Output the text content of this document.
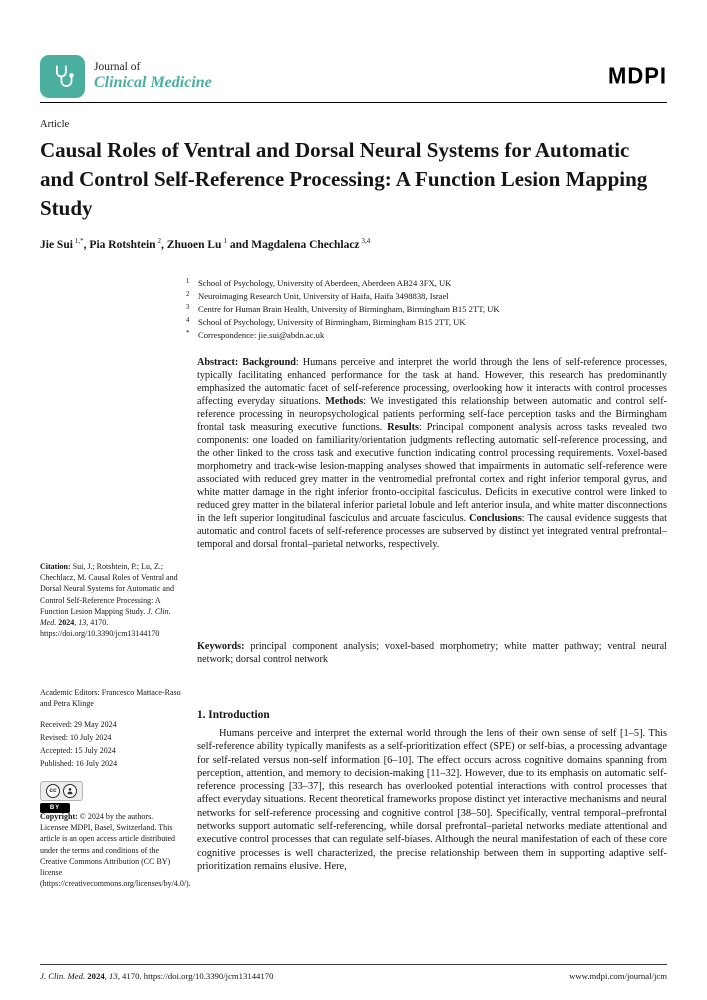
Journal of
Clinical Medicine	MDPI
Article
Causal Roles of Ventral and Dorsal Neural Systems for Automatic and Control Self-Reference Processing: A Function Lesion Mapping Study

Jie Sui $^{1,*}$, Pia Rotshtein $^2$, Zhuoen Lu $^1$ and Magdalena Chechlacz $^{3,4}$

1 School of Psychology, University of Aberdeen, Aberdeen AB24 3FX, UK
2 Neuroimaging Research Unit, University of Haifa, Haifa 3498838, Israel
3 Centre for Human Brain Health, University of Birmingham, Birmingham B15 2TT, UK
4 School of Psychology, University of Birmingham, Birmingham B15 2TT, UK
* Correspondence: jie.sui@abdn.ac.uk

Abstract: Background: Humans perceive and interpret the world through the lens of self-reference processes, typically facilitating enhanced performance for the task at hand. However, this research has predominantly emphasized the automatic facet of self-reference processing, overlooking how it interacts with control processes affecting everyday situations. Methods: We investigated this relationship between automatic and control self-reference processing in neuropsychological patients performing self-face perception tasks and the Birmingham frontal task measuring executive functions. Results: Principal component analysis across tasks revealed two components: one loaded on familiarity/orientation judgments reflecting automatic self-reference processing, and the other linked to the cross task and executive function indicating control processing requirements. Voxel-based morphometry and track-wise lesion-mapping analyses showed that impairments in automatic self-reference were associated with reduced grey matter in the ventromedial prefrontal cortex and right inferior temporal gyrus, and white matter damage in the right inferior fronto-occipital fasciculus. Deficits in executive control were linked to reduced grey matter in the bilateral inferior parietal lobule and left anterior insula, and white matter disconnections in the left superior longitudinal fasciculus and arcuate fasciculus. Conclusions: The causal evidence suggests that automatic and control facets of self-reference processes are subserved by distinct yet integrated ventral prefrontal–temporal and dorsal frontal–parietal networks, respectively.

Keywords: principal component analysis; voxel-based morphometry; white matter pathway; ventral neural network; dorsal control network

Citation: Sui, J.; Rotshtein, P.; Lu, Z.; Chechlacz, M. Causal Roles of Ventral and Dorsal Neural Systems for Automatic and Control Self-Reference Processing: A Function Lesion Mapping Study. J. Clin. Med. 2024, 13, 4170. https://doi.org/10.3390/jcm13144170

Academic Editors: Francesco Mattace-Raso and Petra Klinge

Received: 29 May 2024
Revised: 10 July 2024
Accepted: 15 July 2024
Published: 16 July 2024
cc
BY

Copyright: © 2024 by the authors. Licensee MDPI, Basel, Switzerland. This article is an open access article distributed under the terms and conditions of the Creative Commons Attribution (CC BY) license (https://creativecommons.org/licenses/by/4.0/).

1. Introduction

Humans perceive and interpret the external world through the lens of their own sense of self [1–5]. This self-reference ability typically manifests as a self-prioritization effect (SPE) or self-bias, a processing advantage for self-related versus non-self information [6–10]. The effect occurs across cognitive domains spanning from perception, attention, and memory to decision-making [11–32]. However, due to its emphasis on automatic self-reference processing [33–37], this research has overlooked potential interactions with control processes that affect everyday situations. Recent theoretical frameworks propose distinct yet interactive mechanisms and neural networks for self-reference processing and cognitive control [38–50]. Specifically, ventral temporal–prefrontal networks support automatic self-referencing, while dorsal prefrontal–parietal networks mediate attentional and executive control processes that can regulate self-biases. Although the neural manifestation of each of these core cognitive processes is well characterized, the precise relationship between them in supporting adaptive self-prioritization remains elusive. Here,

J. Clin. Med. 2024, 13, 4170. https://doi.org/10.3390/jcm13144170	www.mdpi.com/journal/jcm
